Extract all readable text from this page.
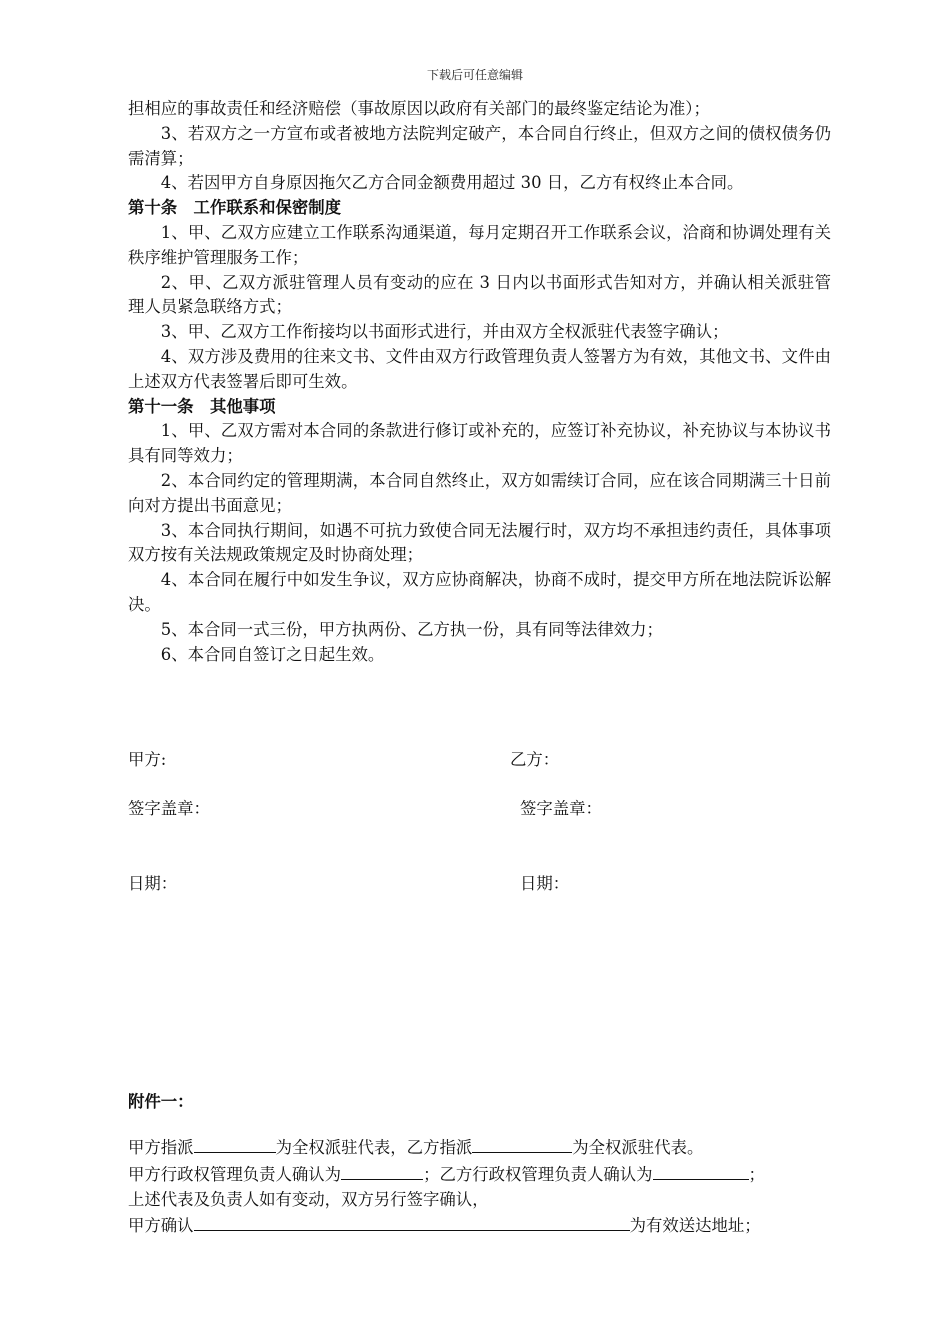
下载后可任意编辑

担相应的事故责任和经济赔偿（事故原因以政府有关部门的最终鉴定结论为准）；

3、若双方之一方宣布或者被地方法院判定破产，本合同自行终止，但双方之间的债权债务仍需清算；

4、若因甲方自身原因拖欠乙方合同金额费用超过 30 日，乙方有权终止本合同。

第十条　工作联系和保密制度

1、甲、乙双方应建立工作联系沟通渠道，每月定期召开工作联系会议，洽商和协调处理有关秩序维护管理服务工作；

2、甲、乙双方派驻管理人员有变动的应在 3 日内以书面形式告知对方，并确认相关派驻管理人员紧急联络方式；

3、甲、乙双方工作衔接均以书面形式进行，并由双方全权派驻代表签字确认；

4、双方涉及费用的往来文书、文件由双方行政管理负责人签署方为有效，其他文书、文件由上述双方代表签署后即可生效。

第十一条　其他事项

1、甲、乙双方需对本合同的条款进行修订或补充的，应签订补充协议，补充协议与本协议书具有同等效力；

2、本合同约定的管理期满，本合同自然终止，双方如需续订合同，应在该合同期满三十日前向对方提出书面意见；

3、本合同执行期间，如遇不可抗力致使合同无法履行时，双方均不承担违约责任，具体事项双方按有关法规政策规定及时协商处理；

4、本合同在履行中如发生争议，双方应协商解决，协商不成时，提交甲方所在地法院诉讼解决。

5、本合同一式三份，甲方执两份、乙方执一份，具有同等法律效力；

6、本合同自签订之日起生效。

甲方:	乙方：
签字盖章：	签字盖章：
日期：	日期：
附件一：

甲方指派	为全权派驻代表，乙方指派	为全权派驻代表。

甲方行政权管理负责人确认为	；乙方行政权管理负责人确认为	；

上述代表及负责人如有变动，双方另行签字确认，

甲方确认	为有效送达地址；
